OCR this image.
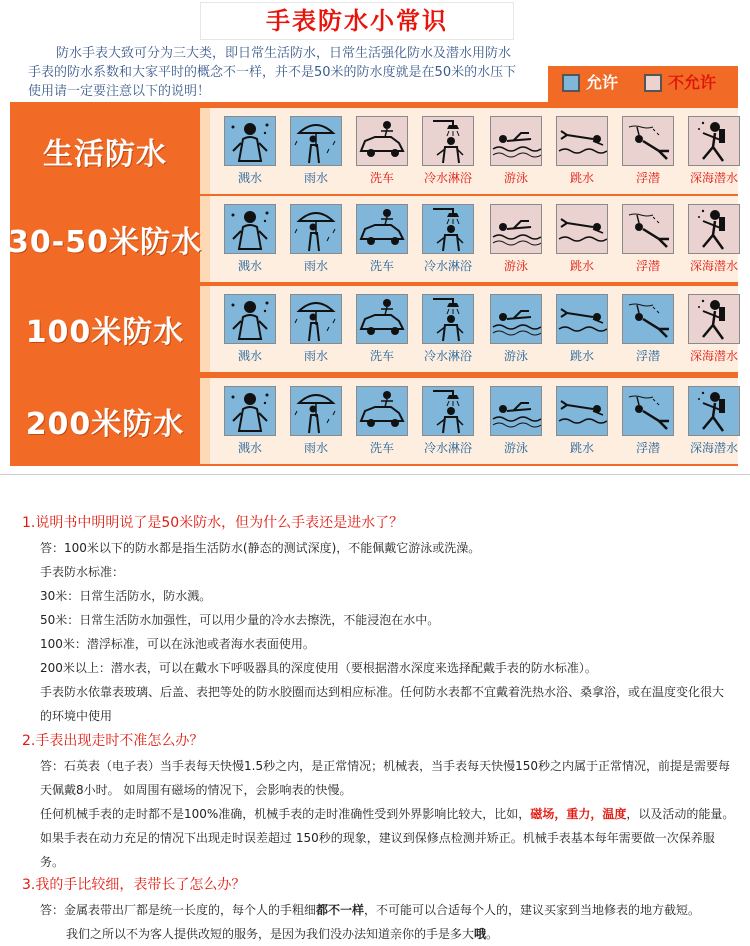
手表防水小常识
防水手表大致可分为三大类，即日常生活防水，日常生活强化防水及潜水用防水
手表的防水系数和大家平时的概念不一样，并不是50米的防水度就是在50米的水压下
使用请一定要注意以下的说明！	允许	不允许
生活防水
溅水	雨水	洗车	冷水淋浴	游泳	跳水	浮潜	深海潜水
30-50米防水
溅水	雨水	洗车	冷水淋浴	游泳	跳水	浮潜	深海潜水
100米防水
溅水	雨水	洗车	冷水淋浴	游泳	跳水	浮潜	深海潜水
200米防水
溅水	雨水	洗车	冷水淋浴	游泳	跳水	浮潜	深海潜水

1.说明书中明明说了是50米防水，但为什么手表还是进水了？

答：100米以下的防水都是指生活防水(静态的测试深度)，不能佩戴它游泳或洗澡。

手表防水标准：

30米：日常生活防水，防水溅。

50米：日常生活防水加强性，可以用少量的冷水去擦洗，不能浸泡在水中。

100米：潜浮标准，可以在泳池或者海水表面使用。

200米以上：潜水表，可以在戴水下呼吸器具的深度使用（要根据潜水深度来选择配戴手表的防水标准）。

手表防水依靠表玻璃、后盖、表把等处的防水胶圈而达到相应标准。任何防水表都不宜戴着洗热水浴、桑拿浴，或在温度变化很大

的环境中使用

2.手表出现走时不准怎么办？

答：石英表（电子表）当手表每天快慢1.5秒之内，是正常情况；机械表，当手表每天快慢150秒之内属于正常情况，前提是需要每

天佩戴8小时。 如周围有磁场的情况下，会影响表的快慢。

任何机械手表的走时都不是100%准确，机械手表的走时准确性受到外界影响比较大，比如，磁场，重力，温度，以及活动的能量。

如果手表在动力充足的情况下出现走时误差超过 150秒的现象，建议到保修点检测并矫正。机械手表基本每年需要做一次保养服

务。

3.我的手比较细，表带长了怎么办？

答：金属表带出厂都是统一长度的，每个人的手粗细都不一样，不可能可以合适每个人的，建议买家到当地修表的地方截短。

我们之所以不为客人提供改短的服务，是因为我们没办法知道亲你的手是多大哦。
